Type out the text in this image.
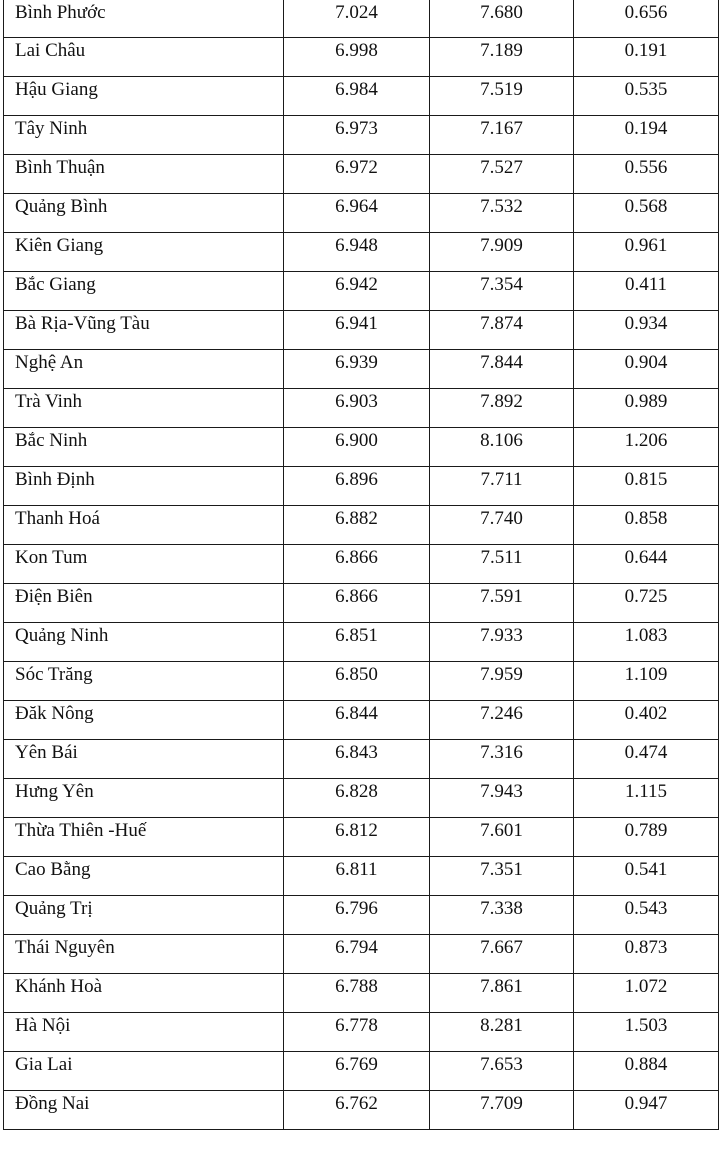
Bình Phước	7.024	7.680	0.656
Lai Châu	6.998	7.189	0.191
Hậu Giang	6.984	7.519	0.535
Tây Ninh	6.973	7.167	0.194
Bình Thuận	6.972	7.527	0.556
Quảng Bình	6.964	7.532	0.568
Kiên Giang	6.948	7.909	0.961
Bắc Giang	6.942	7.354	0.411
Bà Rịa-Vũng Tàu	6.941	7.874	0.934
Nghệ An	6.939	7.844	0.904
Trà Vinh	6.903	7.892	0.989
Bắc Ninh	6.900	8.106	1.206
Bình Định	6.896	7.711	0.815
Thanh Hoá	6.882	7.740	0.858
Kon Tum	6.866	7.511	0.644
Điện Biên	6.866	7.591	0.725
Quảng Ninh	6.851	7.933	1.083
Sóc Trăng	6.850	7.959	1.109
Đăk Nông	6.844	7.246	0.402
Yên Bái	6.843	7.316	0.474
Hưng Yên	6.828	7.943	1.115
Thừa Thiên -Huế	6.812	7.601	0.789
Cao Bằng	6.811	7.351	0.541
Quảng Trị	6.796	7.338	0.543
Thái Nguyên	6.794	7.667	0.873
Khánh Hoà	6.788	7.861	1.072
Hà Nội	6.778	8.281	1.503
Gia Lai	6.769	7.653	0.884
Đồng Nai	6.762	7.709	0.947
